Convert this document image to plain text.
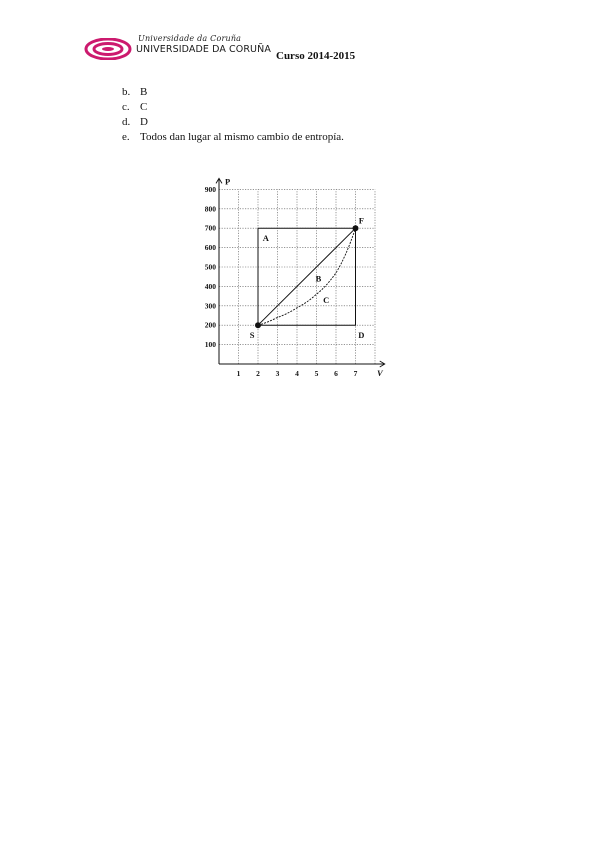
Universidade da Coruña
UNIVERSIDADE DA CORUÑA
Curso 2014-2015
b. B
c. C
d. D
e. Todos dan lugar al mismo cambio de entropía.
100
200
300
400
500
600
700
800
900
1 2 3 4 5 6 7
P
V
A
B
C
D
S
F
